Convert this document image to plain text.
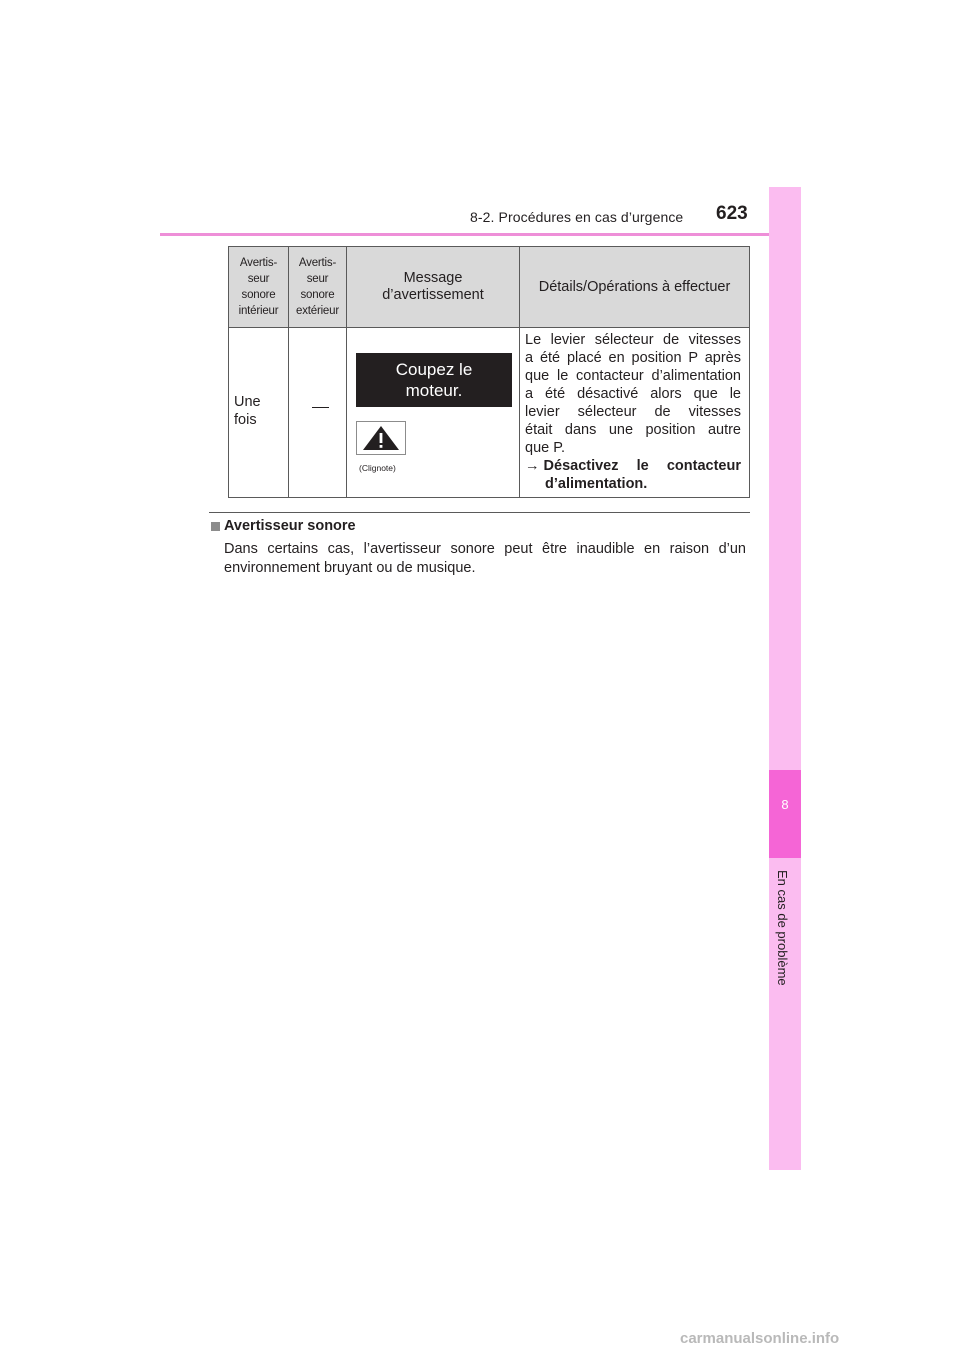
8-2. Procédures en cas d’urgence 623
8
En cas de problème
Avertis-
seur
sonore
intérieur
Avertis-
seur
sonore
extérieur
Message
d’avertissement
Détails/Opérations à effectuer
Une
fois
Coupez le
moteur.
(Clignote)
Le levier sélecteur de vitesses
a été placé en position P après
que le contacteur d’alimentation
a été désactivé alors que le
levier sélecteur de vitesses
était dans une position autre
que P.
→ Désactivez le contacteur
d’alimentation.
Avertisseur sonore
Dans certains cas, l’avertisseur sonore peut être inaudible en raison d’un
environnement bruyant ou de musique.
carmanualsonline.info
